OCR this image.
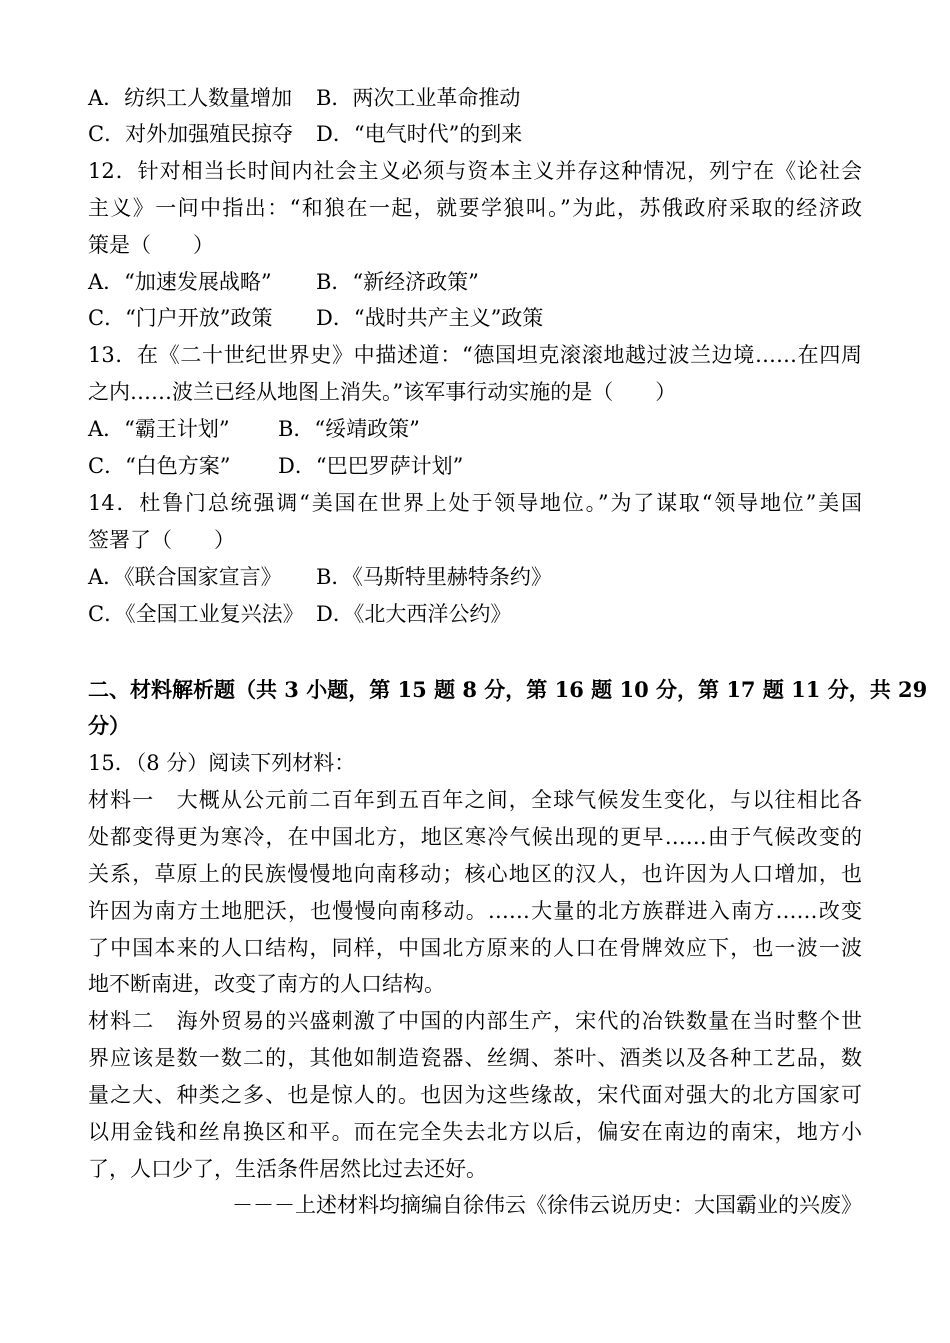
A．纺织工人数量增加 B．两次工业革命推动
C．对外加强殖民掠夺 D．“电气时代”的到来
12．针对相当长时间内社会主义必须与资本主义并存这种情况，列宁在《论社会
主义》一问中指出：“和狼在一起，就要学狼叫。”为此，苏俄政府采取的经济政
策是（　　）
A．“加速发展战略” B．“新经济政策”
C．“门户开放”政策 D．“战时共产主义”政策
13．在《二十世纪世界史》中描述道：“德国坦克滚滚地越过波兰边境……在四周
之内……波兰已经从地图上消失。”该军事行动实施的是（　　）
A．“霸王计划” B．“绥靖政策”
C．“白色方案” D．“巴巴罗萨计划”
14．杜鲁门总统强调“美国在世界上处于领导地位。”为了谋取“领导地位”美国
签署了（　　）
A．《联合国家宣言》 B．《马斯特里赫特条约》
C．《全国工业复兴法》 D．《北大西洋公约》
二、材料解析题（共 3 小题，第 15 题 8 分，第 16 题 10 分，第 17 题 11 分，共 29
分）
15．（8 分）阅读下列材料：
材料一　大概从公元前二百年到五百年之间，全球气候发生变化，与以往相比各
处都变得更为寒冷，在中国北方，地区寒冷气候出现的更早……由于气候改变的
关系，草原上的民族慢慢地向南移动；核心地区的汉人，也许因为人口增加，也
许因为南方土地肥沃，也慢慢向南移动。……大量的北方族群进入南方……改变
了中国本来的人口结构，同样，中国北方原来的人口在骨牌效应下，也一波一波
地不断南进，改变了南方的人口结构。
材料二　海外贸易的兴盛刺激了中国的内部生产，宋代的冶铁数量在当时整个世
界应该是数一数二的，其他如制造瓷器、丝绸、茶叶、酒类以及各种工艺品，数
量之大、种类之多、也是惊人的。也因为这些缘故，宋代面对强大的北方国家可
以用金钱和丝帛换区和平。而在完全失去北方以后，偏安在南边的南宋，地方小
了，人口少了，生活条件居然比过去还好。
－－－上述材料均摘编自徐伟云《徐伟云说历史：大国霸业的兴废》
